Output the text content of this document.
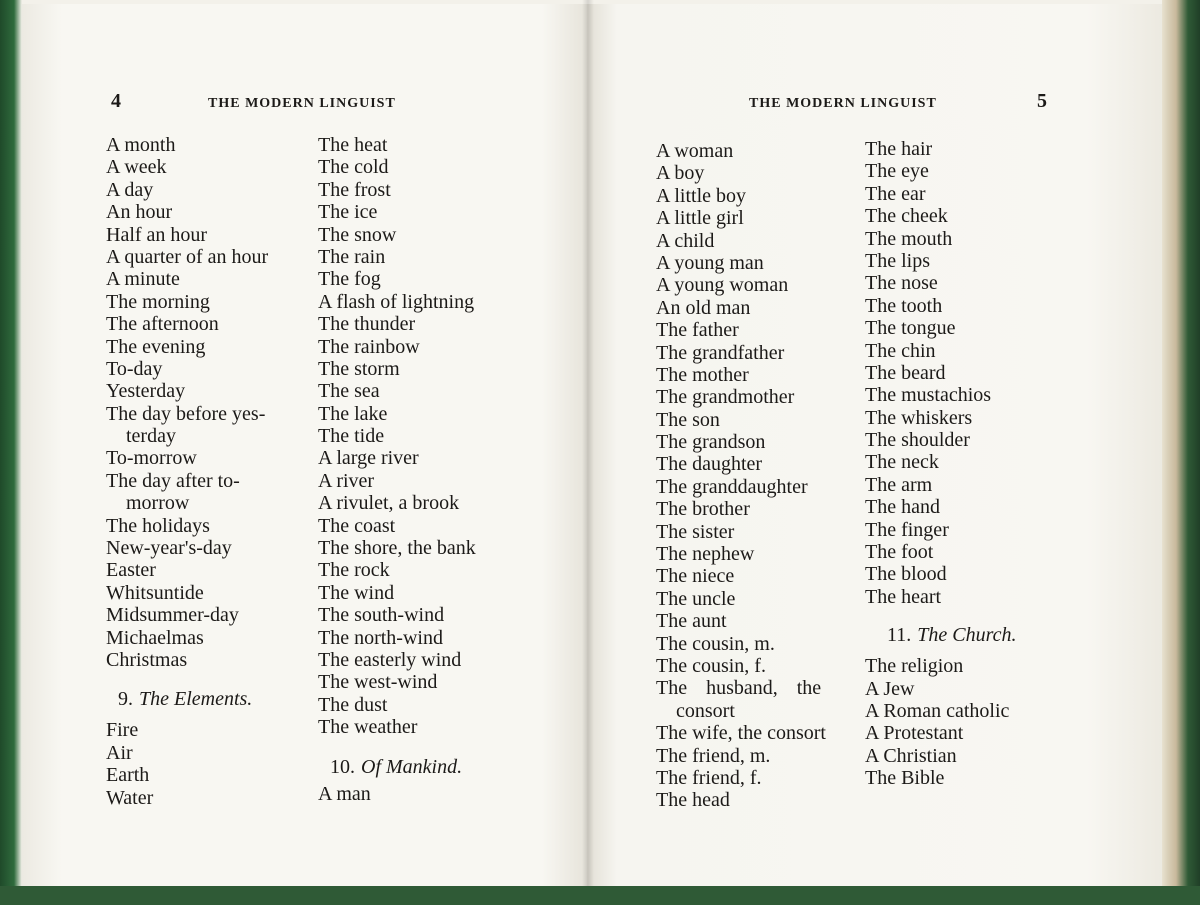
4	THE MODERN LINGUIST
A month
A week
A day
An hour
Half an hour
A quarter of an hour
A minute
The morning
The afternoon
The evening
To-day
Yesterday
The day before yes-
terday
To-morrow
The day after to-
morrow
The holidays
New-year's-day
Easter
Whitsuntide
Midsummer-day
Michaelmas
Christmas
9. The Elements.
Fire
Air
Earth
Water
The heat
The cold
The frost
The ice
The snow
The rain
The fog
A flash of lightning
The thunder
The rainbow
The storm
The sea
The lake
The tide
A large river
A river
A rivulet, a brook
The coast
The shore, the bank
The rock
The wind
The south-wind
The north-wind
The easterly wind
The west-wind
The dust
The weather
10. Of Mankind.
A man
THE MODERN LINGUIST	5
A woman
A boy
A little boy
A little girl
A child
A young man
A young woman
An old man
The father
The grandfather
The mother
The grandmother
The son
The grandson
The daughter
The granddaughter
The brother
The sister
The nephew
The niece
The uncle
The aunt
The cousin, m.
The cousin, f.
The husband, the
consort
The wife, the consort
The friend, m.
The friend, f.
The head
The hair
The eye
The ear
The cheek
The mouth
The lips
The nose
The tooth
The tongue
The chin
The beard
The mustachios
The whiskers
The shoulder
The neck
The arm
The hand
The finger
The foot
The blood
The heart
11. The Church.
The religion
A Jew
A Roman catholic
A Protestant
A Christian
The Bible
